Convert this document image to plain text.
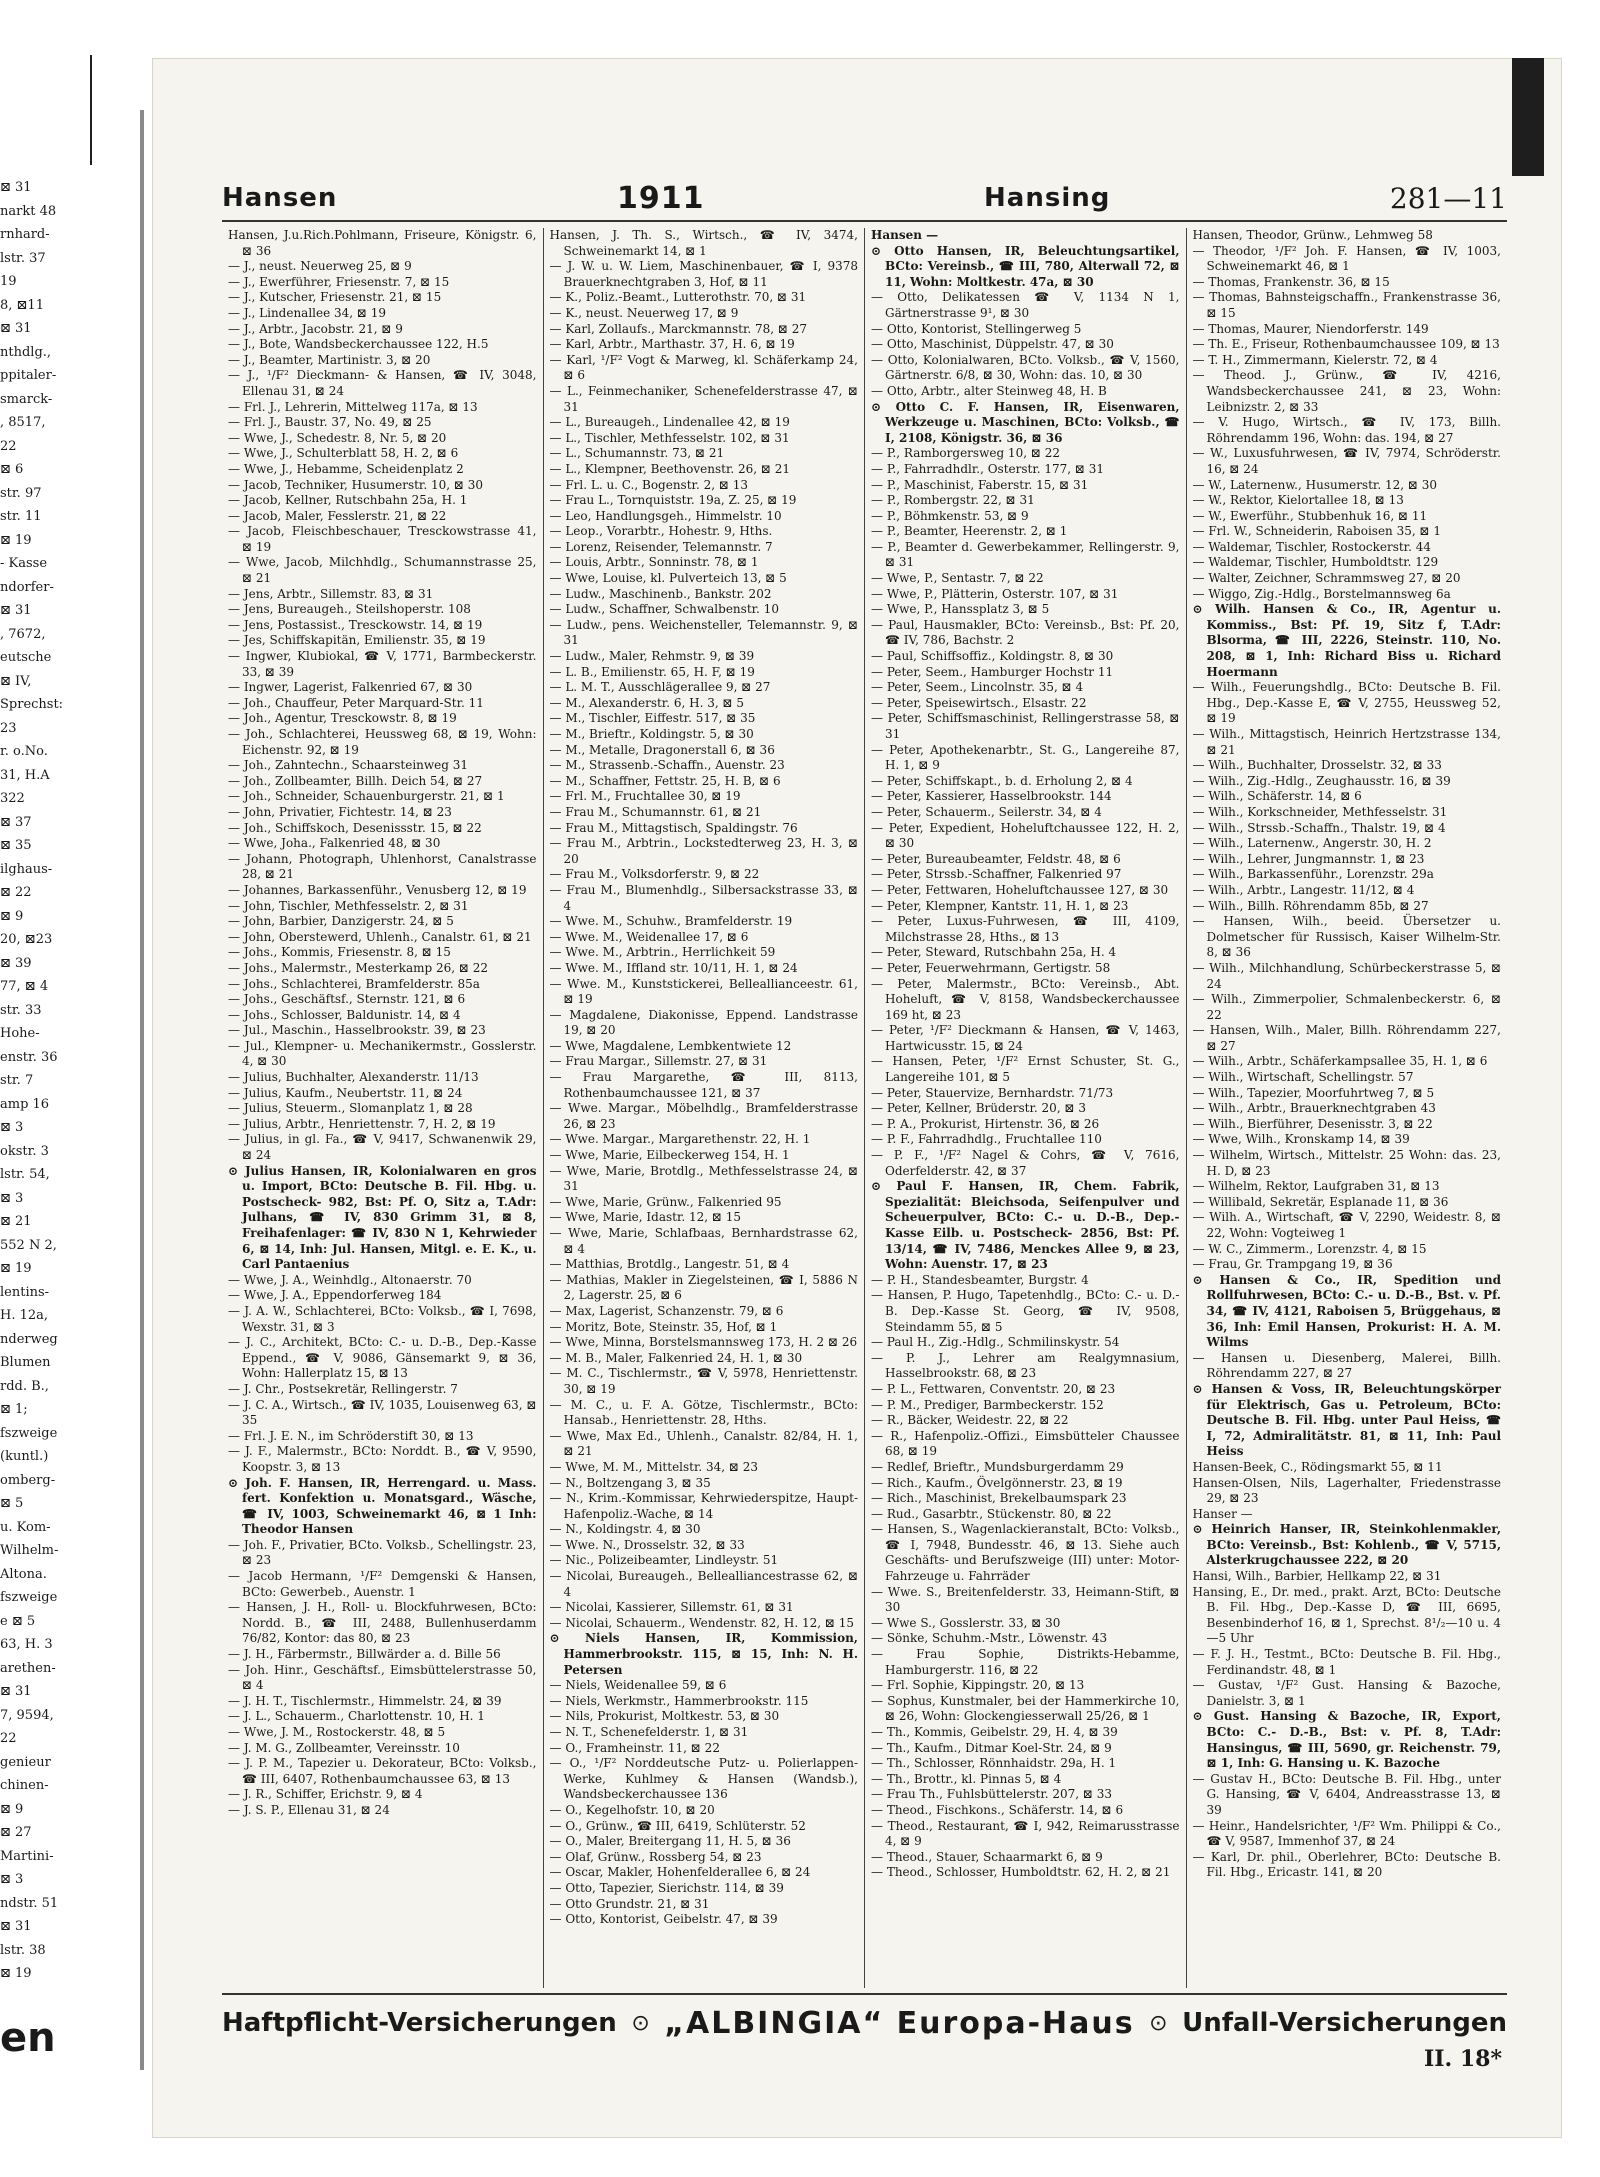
⊠ 31
narkt 48
rnhard-
lstr. 37
19
8, ⊠11
⊠ 31
nthdlg.,
ppitaler-
smarck-
, 8517,
22
⊠ 6
str. 97
str. 11
⊠ 19
- Kasse
ndorfer-
⊠ 31
, 7672,
eutsche
⊠ IV,
Sprechst:
23
r. o.No.
31, H.A
322
⊠ 37
⊠ 35
ilghaus-
⊠ 22
⊠ 9
20, ⊠23
⊠ 39
77, ⊠ 4
str. 33
Hohe-
enstr. 36
str. 7
amp 16
⊠ 3
okstr. 3
lstr. 54,
⊠ 3
⊠ 21
552 N 2,
⊠ 19
lentins-
H. 12a,
nderweg
Blumen
rdd. B.,
⊠ 1;
fszweige
(kuntl.)
omberg-
⊠ 5
u. Kom-
Wilhelm-
Altona.
fszweige
e ⊠ 5
63, H. 3
arethen-
⊠ 31
7, 9594,
22
genieur
chinen-
⊠ 9
⊠ 27
Martini-
⊠ 3
ndstr. 51
⊠ 31
lstr. 38
⊠ 19
en
Hansen	1911	Hansing	281—11

Hansen, J.u.Rich.Pohlmann, Friseure, Königstr. 6, ⊠ 36

— J., neust. Neuerweg 25, ⊠ 9

— J., Ewerführer, Friesenstr. 7, ⊠ 15

— J., Kutscher, Friesenstr. 21, ⊠ 15

— J., Lindenallee 34, ⊠ 19

— J., Arbtr., Jacobstr. 21, ⊠ 9

— J., Bote, Wandsbeckerchaussee 122, H.5

— J., Beamter, Martinistr. 3, ⊠ 20

— J., ¹/F² Dieckmann- & Hansen, ☎ IV, 3048, Ellenau 31, ⊠ 24

— Frl. J., Lehrerin, Mittelweg 117a, ⊠ 13

— Frl. J., Baustr. 37, No. 49, ⊠ 25

— Wwe, J., Schedestr. 8, Nr. 5, ⊠ 20

— Wwe, J., Schulterblatt 58, H. 2, ⊠ 6

— Wwe, J., Hebamme, Scheidenplatz 2

— Jacob, Techniker, Husumerstr. 10, ⊠ 30

— Jacob, Kellner, Rutschbahn 25a, H. 1

— Jacob, Maler, Fesslerstr. 21, ⊠ 22

— Jacob, Fleischbeschauer, Tresckowstrasse 41, ⊠ 19

— Wwe, Jacob, Milchhdlg., Schumannstrasse 25, ⊠ 21

— Jens, Arbtr., Sillemstr. 83, ⊠ 31

— Jens, Bureaugeh., Steilshoperstr. 108

— Jens, Postassist., Tresckowstr. 14, ⊠ 19

— Jes, Schiffskapitän, Emilienstr. 35, ⊠ 19

— Ingwer, Klubiokal, ☎ V, 1771, Barmbeckerstr. 33, ⊠ 39

— Ingwer, Lagerist, Falkenried 67, ⊠ 30

— Joh., Chauffeur, Peter Marquard-Str. 11

— Joh., Agentur, Tresckowstr. 8, ⊠ 19

— Joh., Schlachterei, Heussweg 68, ⊠ 19, Wohn: Eichenstr. 92, ⊠ 19

— Joh., Zahntechn., Schaarsteinweg 31

— Joh., Zollbeamter, Billh. Deich 54, ⊠ 27

— Joh., Schneider, Schauenburgerstr. 21, ⊠ 1

— John, Privatier, Fichtestr. 14, ⊠ 23

— Joh., Schiffskoch, Desenissstr. 15, ⊠ 22

— Wwe, Joha., Falkenried 48, ⊠ 30

— Johann, Photograph, Uhlenhorst, Canalstrasse 28, ⊠ 21

— Johannes, Barkassenführ., Venusberg 12, ⊠ 19

— John, Tischler, Methfesselstr. 2, ⊠ 31

— John, Barbier, Danzigerstr. 24, ⊠ 5

— John, Oberstewerd, Uhlenh., Canalstr. 61, ⊠ 21

— Johs., Kommis, Friesenstr. 8, ⊠ 15

— Johs., Malermstr., Mesterkamp 26, ⊠ 22

— Johs., Schlachterei, Bramfelderstr. 85a

— Johs., Geschäftsf., Sternstr. 121, ⊠ 6

— Johs., Schlosser, Baldunistr. 14, ⊠ 4

— Jul., Maschin., Hasselbrookstr. 39, ⊠ 23

— Jul., Klempner- u. Mechanikermstr., Gosslerstr. 4, ⊠ 30

— Julius, Buchhalter, Alexanderstr. 11/13

— Julius, Kaufm., Neubertstr. 11, ⊠ 24

— Julius, Steuerm., Slomanplatz 1, ⊠ 28

— Julius, Arbtr., Henriettenstr. 7, H. 2, ⊠ 19

— Julius, in gl. Fa., ☎ V, 9417, Schwanenwik 29, ⊠ 24

⊙ Julius Hansen, IR, Kolonialwaren en gros u. Import, BCto: Deutsche B. Fil. Hbg. u. Postscheck- 982, Bst: Pf. O, Sitz a, T.Adr: Julhans, ☎ IV, 830 Grimm 31, ⊠ 8, Freihafenlager: ☎ IV, 830 N 1, Kehrwieder 6, ⊠ 14, Inh: Jul. Hansen, Mitgl. e. E. K., u. Carl Pantaenius

— Wwe, J. A., Weinhdlg., Altonaerstr. 70

— Wwe, J. A., Eppendorferweg 184

— J. A. W., Schlachterei, BCto: Volksb., ☎ I, 7698, Wexstr. 31, ⊠ 3

— J. C., Architekt, BCto: C.- u. D.-B., Dep.-Kasse Eppend., ☎ V, 9086, Gänsemarkt 9, ⊠ 36, Wohn: Hallerplatz 15, ⊠ 13

— J. Chr., Postsekretär, Rellingerstr. 7

— J. C. A., Wirtsch., ☎ IV, 1035, Louisenweg 63, ⊠ 35

— Frl. J. E. N., im Schröderstift 30, ⊠ 13

— J. F., Malermstr., BCto: Norddt. B., ☎ V, 9590, Koopstr. 3, ⊠ 13

⊙ Joh. F. Hansen, IR, Herrengard. u. Mass. fert. Konfektion u. Monatsgard., Wäsche, ☎ IV, 1003, Schweinemarkt 46, ⊠ 1 Inh: Theodor Hansen

— Joh. F., Privatier, BCto. Volksb., Schellingstr. 23, ⊠ 23

— Jacob Hermann, ¹/F² Demgenski & Hansen, BCto: Gewerbeb., Auenstr. 1

— Hansen, J. H., Roll- u. Blockfuhrwesen, BCto: Nordd. B., ☎ III, 2488, Bullenhuserdamm 76/82, Kontor: das 80, ⊠ 23

— J. H., Färbermstr., Billwärder a. d. Bille 56

— Joh. Hinr., Geschäftsf., Eimsbüttelerstrasse 50, ⊠ 4

— J. H. T., Tischlermstr., Himmelstr. 24, ⊠ 39

— J. L., Schauerm., Charlottenstr. 10, H. 1

— Wwe, J. M., Rostockerstr. 48, ⊠ 5

— J. M. G., Zollbeamter, Vereinsstr. 10

— J. P. M., Tapezier u. Dekorateur, BCto: Volksb., ☎ III, 6407, Rothenbaumchaussee 63, ⊠ 13

— J. R., Schiffer, Erichstr. 9, ⊠ 4

— J. S. P., Ellenau 31, ⊠ 24

Hansen, J. Th. S., Wirtsch., ☎ IV, 3474, Schweinemarkt 14, ⊠ 1

— J. W. u. W. Liem, Maschinenbauer, ☎ I, 9378 Brauerknechtgraben 3, Hof, ⊠ 11

— K., Poliz.-Beamt., Lutterothstr. 70, ⊠ 31

— K., neust. Neuerweg 17, ⊠ 9

— Karl, Zollaufs., Marckmannstr. 78, ⊠ 27

— Karl, Arbtr., Marthastr. 37, H. 6, ⊠ 19

— Karl, ¹/F² Vogt & Marweg, kl. Schäferkamp 24, ⊠ 6

— L., Feinmechaniker, Schenefelderstrasse 47, ⊠ 31

— L., Bureaugeh., Lindenallee 42, ⊠ 19

— L., Tischler, Methfesselstr. 102, ⊠ 31

— L., Schumannstr. 73, ⊠ 21

— L., Klempner, Beethovenstr. 26, ⊠ 21

— Frl. L. u. C., Bogenstr. 2, ⊠ 13

— Frau L., Tornquiststr. 19a, Z. 25, ⊠ 19

— Leo, Handlungsgeh., Himmelstr. 10

— Leop., Vorarbtr., Hohestr. 9, Hths.

— Lorenz, Reisender, Telemannstr. 7

— Louis, Arbtr., Sonninstr. 78, ⊠ 1

— Wwe, Louise, kl. Pulverteich 13, ⊠ 5

— Ludw., Maschinenb., Bankstr. 202

— Ludw., Schaffner, Schwalbenstr. 10

— Ludw., pens. Weichensteller, Telemannstr. 9, ⊠ 31

— Ludw., Maler, Rehmstr. 9, ⊠ 39

— L. B., Emilienstr. 65, H. F, ⊠ 19

— L. M. T., Ausschlägerallee 9, ⊠ 27

— M., Alexanderstr. 6, H. 3, ⊠ 5

— M., Tischler, Eiffestr. 517, ⊠ 35

— M., Brieftr., Koldingstr. 5, ⊠ 30

— M., Metalle, Dragonerstall 6, ⊠ 36

— M., Strassenb.-Schaffn., Auenstr. 23

— M., Schaffner, Fettstr. 25, H. B, ⊠ 6

— Frl. M., Fruchtallee 30, ⊠ 19

— Frau M., Schumannstr. 61, ⊠ 21

— Frau M., Mittagstisch, Spaldingstr. 76

— Frau M., Arbtrin., Lockstedterweg 23, H. 3, ⊠ 20

— Frau M., Volksdorferstr. 9, ⊠ 22

— Frau M., Blumenhdlg., Silbersackstrasse 33, ⊠ 4

— Wwe. M., Schuhw., Bramfelderstr. 19

— Wwe. M., Weidenallee 17, ⊠ 6

— Wwe. M., Arbtrin., Herrlichkeit 59

— Wwe. M., Iffland str. 10/11, H. 1, ⊠ 24

— Wwe. M., Kunststickerei, Belleallianceestr. 61, ⊠ 19

— Magdalene, Diakonisse, Eppend. Landstrasse 19, ⊠ 20

— Wwe, Magdalene, Lembkentwiete 12

— Frau Margar., Sillemstr. 27, ⊠ 31

— Frau Margarethe, ☎ III, 8113, Rothenbaumchaussee 121, ⊠ 37

— Wwe. Margar., Möbelhdlg., Bramfelderstrasse 26, ⊠ 23

— Wwe. Margar., Margarethenstr. 22, H. 1

— Wwe, Marie, Eilbeckerweg 154, H. 1

— Wwe, Marie, Brotdlg., Methfesselstrasse 24, ⊠ 31

— Wwe, Marie, Grünw., Falkenried 95

— Wwe, Marie, Idastr. 12, ⊠ 15

— Wwe, Marie, Schlafbaas, Bernhardstrasse 62, ⊠ 4

— Matthias, Brotdlg., Langestr. 51, ⊠ 4

— Mathias, Makler in Ziegelsteinen, ☎ I, 5886 N 2, Lagerstr. 25, ⊠ 6

— Max, Lagerist, Schanzenstr. 79, ⊠ 6

— Moritz, Bote, Steinstr. 35, Hof, ⊠ 1

— Wwe, Minna, Borstelsmannsweg 173, H. 2 ⊠ 26

— M. B., Maler, Falkenried 24, H. 1, ⊠ 30

— M. C., Tischlermstr., ☎ V, 5978, Henriettenstr. 30, ⊠ 19

— M. C., u. F. A. Götze, Tischlermstr., BCto: Hansab., Henriettenstr. 28, Hths.

— Wwe, Max Ed., Uhlenh., Canalstr. 82/84, H. 1, ⊠ 21

— Wwe, M. M., Mittelstr. 34, ⊠ 23

— N., Boltzengang 3, ⊠ 35

— N., Krim.-Kommissar, Kehrwiederspitze, Haupt-Hafenpoliz.-Wache, ⊠ 14

— N., Koldingstr. 4, ⊠ 30

— Wwe. N., Drosselstr. 32, ⊠ 33

— Nic., Polizeibeamter, Lindleystr. 51

— Nicolai, Bureaugeh., Bellealliancestrasse 62, ⊠ 4

— Nicolai, Kassierer, Sillemstr. 61, ⊠ 31

— Nicolai, Schauerm., Wendenstr. 82, H. 12, ⊠ 15

⊙ Niels Hansen, IR, Kommission, Hammerbrookstr. 115, ⊠ 15, Inh: N. H. Petersen

— Niels, Weidenallee 59, ⊠ 6

— Niels, Werkmstr., Hammerbrookstr. 115

— Nils, Prokurist, Moltkestr. 53, ⊠ 30

— N. T., Schenefelderstr. 1, ⊠ 31

— O., Framheinstr. 11, ⊠ 22

— O., ¹/F² Norddeutsche Putz- u. Polierlappen-Werke, Kuhlmey & Hansen (Wandsb.), Wandsbeckerchaussee 136

— O., Kegelhofstr. 10, ⊠ 20

— O., Grünw., ☎ III, 6419, Schlüterstr. 52

— O., Maler, Breitergang 11, H. 5, ⊠ 36

— Olaf, Grünw., Rossberg 54, ⊠ 23

— Oscar, Makler, Hohenfelderallee 6, ⊠ 24

— Otto, Tapezier, Sierichstr. 114, ⊠ 39

— Otto Grundstr. 21, ⊠ 31

— Otto, Kontorist, Geibelstr. 47, ⊠ 39

Hansen —

⊙ Otto Hansen, IR, Beleuchtungsartikel, BCto: Vereinsb., ☎ III, 780, Alterwall 72, ⊠ 11, Wohn: Moltkestr. 47a, ⊠ 30

— Otto, Delikatessen ☎ V, 1134 N 1, Gärtnerstrasse 9¹, ⊠ 30

— Otto, Kontorist, Stellingerweg 5

— Otto, Maschinist, Düppelstr. 47, ⊠ 30

— Otto, Kolonialwaren, BCto. Volksb., ☎ V, 1560, Gärtnerstr. 6/8, ⊠ 30, Wohn: das. 10, ⊠ 30

— Otto, Arbtr., alter Steinweg 48, H. B

⊙ Otto C. F. Hansen, IR, Eisenwaren, Werkzeuge u. Maschinen, BCto: Volksb., ☎ I, 2108, Königstr. 36, ⊠ 36

— P., Ramborgersweg 10, ⊠ 22

— P., Fahrradhdlr., Osterstr. 177, ⊠ 31

— P., Maschinist, Faberstr. 15, ⊠ 31

— P., Rombergstr. 22, ⊠ 31

— P., Böhmkenstr. 53, ⊠ 9

— P., Beamter, Heerenstr. 2, ⊠ 1

— P., Beamter d. Gewerbekammer, Rellingerstr. 9, ⊠ 31

— Wwe, P., Sentastr. 7, ⊠ 22

— Wwe, P., Plätterin, Osterstr. 107, ⊠ 31

— Wwe, P., Hanssplatz 3, ⊠ 5

— Paul, Hausmakler, BCto: Vereinsb., Bst: Pf. 20, ☎ IV, 786, Bachstr. 2

— Paul, Schiffsoffiz., Koldingstr. 8, ⊠ 30

— Peter, Seem., Hamburger Hochstr 11

— Peter, Seem., Lincolnstr. 35, ⊠ 4

— Peter, Speisewirtsch., Elsastr. 22

— Peter, Schiffsmaschinist, Rellingerstrasse 58, ⊠ 31

— Peter, Apothekenarbtr., St. G., Langereihe 87, H. 1, ⊠ 9

— Peter, Schiffskapt., b. d. Erholung 2, ⊠ 4

— Peter, Kassierer, Hasselbrookstr. 144

— Peter, Schauerm., Seilerstr. 34, ⊠ 4

— Peter, Expedient, Hoheluftchaussee 122, H. 2, ⊠ 30

— Peter, Bureaubeamter, Feldstr. 48, ⊠ 6

— Peter, Strssb.-Schaffner, Falkenried 97

— Peter, Fettwaren, Hoheluftchaussee 127, ⊠ 30

— Peter, Klempner, Kantstr. 11, H. 1, ⊠ 23

— Peter, Luxus-Fuhrwesen, ☎ III, 4109, Milchstrasse 28, Hths., ⊠ 13

— Peter, Steward, Rutschbahn 25a, H. 4

— Peter, Feuerwehrmann, Gertigstr. 58

— Peter, Malermstr., BCto: Vereinsb., Abt. Hoheluft, ☎ V, 8158, Wandsbeckerchaussee 169 ht, ⊠ 23

— Peter, ¹/F² Dieckmann & Hansen, ☎ V, 1463, Hartwicusstr. 15, ⊠ 24

— Hansen, Peter, ¹/F² Ernst Schuster, St. G., Langereihe 101, ⊠ 5

— Peter, Stauervize, Bernhardstr. 71/73

— Peter, Kellner, Brüderstr. 20, ⊠ 3

— P. A., Prokurist, Hirtenstr. 36, ⊠ 26

— P. F., Fahrradhdlg., Fruchtallee 110

— P. F., ¹/F² Nagel & Cohrs, ☎ V, 7616, Oderfelderstr. 42, ⊠ 37

⊙ Paul F. Hansen, IR, Chem. Fabrik, Spezialität: Bleichsoda, Seifenpulver und Scheuerpulver, BCto: C.- u. D.-B., Dep.-Kasse Eilb. u. Postscheck- 2856, Bst: Pf. 13/14, ☎ IV, 7486, Menckes Allee 9, ⊠ 23, Wohn: Auenstr. 17, ⊠ 23

— P. H., Standesbeamter, Burgstr. 4

— Hansen, P. Hugo, Tapetenhdlg., BCto: C.- u. D.-B. Dep.-Kasse St. Georg, ☎ IV, 9508, Steindamm 55, ⊠ 5

— Paul H., Zig.-Hdlg., Schmilinskystr. 54

— P. J., Lehrer am Realgymnasium, Hasselbrookstr. 68, ⊠ 23

— P. L., Fettwaren, Conventstr. 20, ⊠ 23

— P. M., Prediger, Barmbeckerstr. 152

— R., Bäcker, Weidestr. 22, ⊠ 22

— R., Hafenpoliz.-Offizi., Eimsbütteler Chaussee 68, ⊠ 19

— Redlef, Brieftr., Mundsburgerdamm 29

— Rich., Kaufm., Övelgönnerstr. 23, ⊠ 19

— Rich., Maschinist, Brekelbaumspark 23

— Rud., Gasarbtr., Stückenstr. 80, ⊠ 22

— Hansen, S., Wagenlackieranstalt, BCto: Volksb., ☎ I, 7948, Bundesstr. 46, ⊠ 13. Siehe auch Geschäfts- und Berufszweige (III) unter: Motor-Fahrzeuge u. Fahrräder

— Wwe. S., Breitenfelderstr. 33, Heimann-Stift, ⊠ 30

— Wwe S., Gosslerstr. 33, ⊠ 30

— Sönke, Schuhm.-Mstr., Löwenstr. 43

— Frau Sophie, Distrikts-Hebamme, Hamburgerstr. 116, ⊠ 22

— Frl. Sophie, Kippingstr. 20, ⊠ 13

— Sophus, Kunstmaler, bei der Hammerkirche 10, ⊠ 26, Wohn: Glockengiesserwall 25/26, ⊠ 1

— Th., Kommis, Geibelstr. 29, H. 4, ⊠ 39

— Th., Kaufm., Ditmar Koel-Str. 24, ⊠ 9

— Th., Schlosser, Rönnhaidstr. 29a, H. 1

— Th., Brottr., kl. Pinnas 5, ⊠ 4

— Frau Th., Fuhlsbüttelerstr. 207, ⊠ 33

— Theod., Fischkons., Schäferstr. 14, ⊠ 6

— Theod., Restaurant, ☎ I, 942, Reimarusstrasse 4, ⊠ 9

— Theod., Stauer, Schaarmarkt 6, ⊠ 9

— Theod., Schlosser, Humboldtstr. 62, H. 2, ⊠ 21

Hansen, Theodor, Grünw., Lehmweg 58

— Theodor, ¹/F² Joh. F. Hansen, ☎ IV, 1003, Schweinemarkt 46, ⊠ 1

— Thomas, Frankenstr. 36, ⊠ 15

— Thomas, Bahnsteigschaffn., Frankenstrasse 36, ⊠ 15

— Thomas, Maurer, Niendorferstr. 149

— Th. E., Friseur, Rothenbaumchaussee 109, ⊠ 13

— T. H., Zimmermann, Kielerstr. 72, ⊠ 4

— Theod. J., Grünw., ☎ IV, 4216, Wandsbeckerchaussee 241, ⊠ 23, Wohn: Leibnizstr. 2, ⊠ 33

— V. Hugo, Wirtsch., ☎ IV, 173, Billh. Röhrendamm 196, Wohn: das. 194, ⊠ 27

— W., Luxusfuhrwesen, ☎ IV, 7974, Schröderstr. 16, ⊠ 24

— W., Laternenw., Husumerstr. 12, ⊠ 30

— W., Rektor, Kielortallee 18, ⊠ 13

— W., Ewerführ., Stubbenhuk 16, ⊠ 11

— Frl. W., Schneiderin, Raboisen 35, ⊠ 1

— Waldemar, Tischler, Rostockerstr. 44

— Waldemar, Tischler, Humboldtstr. 129

— Walter, Zeichner, Schrammsweg 27, ⊠ 20

— Wiggo, Zig.-Hdlg., Borstelmannsweg 6a

⊙ Wilh. Hansen & Co., IR, Agentur u. Kommiss., Bst: Pf. 19, Sitz f, T.Adr: Blsorma, ☎ III, 2226, Steinstr. 110, No. 208, ⊠ 1, Inh: Richard Biss u. Richard Hoermann

— Wilh., Feuerungshdlg., BCto: Deutsche B. Fil. Hbg., Dep.-Kasse E, ☎ V, 2755, Heussweg 52, ⊠ 19

— Wilh., Mittagstisch, Heinrich Hertzstrasse 134, ⊠ 21

— Wilh., Buchhalter, Drosselstr. 32, ⊠ 33

— Wilh., Zig.-Hdlg., Zeughausstr. 16, ⊠ 39

— Wilh., Schäferstr. 14, ⊠ 6

— Wilh., Korkschneider, Methfesselstr. 31

— Wilh., Strssb.-Schaffn., Thalstr. 19, ⊠ 4

— Wilh., Laternenw., Angerstr. 30, H. 2

— Wilh., Lehrer, Jungmannstr. 1, ⊠ 23

— Wilh., Barkassenführ., Lorenzstr. 29a

— Wilh., Arbtr., Langestr. 11/12, ⊠ 4

— Wilh., Billh. Röhrendamm 85b, ⊠ 27

— Hansen, Wilh., beeid. Übersetzer u. Dolmetscher für Russisch, Kaiser Wilhelm-Str. 8, ⊠ 36

— Wilh., Milchhandlung, Schürbeckerstrasse 5, ⊠ 24

— Wilh., Zimmerpolier, Schmalenbeckerstr. 6, ⊠ 22

— Hansen, Wilh., Maler, Billh. Röhrendamm 227, ⊠ 27

— Wilh., Arbtr., Schäferkampsallee 35, H. 1, ⊠ 6

— Wilh., Wirtschaft, Schellingstr. 57

— Wilh., Tapezier, Moorfuhrtweg 7, ⊠ 5

— Wilh., Arbtr., Brauerknechtgraben 43

— Wilh., Bierführer, Desenisstr. 3, ⊠ 22

— Wwe, Wilh., Kronskamp 14, ⊠ 39

— Wilhelm, Wirtsch., Mittelstr. 25 Wohn: das. 23, H. D, ⊠ 23

— Wilhelm, Rektor, Laufgraben 31, ⊠ 13

— Willibald, Sekretär, Esplanade 11, ⊠ 36

— Wilh. A., Wirtschaft, ☎ V, 2290, Weidestr. 8, ⊠ 22, Wohn: Vogteiweg 1

— W. C., Zimmerm., Lorenzstr. 4, ⊠ 15

— Frau, Gr. Trampgang 19, ⊠ 36

⊙ Hansen & Co., IR, Spedition und Rollfuhrwesen, BCto: C.- u. D.-B., Bst. v. Pf. 34, ☎ IV, 4121, Raboisen 5, Brüggehaus, ⊠ 36, Inh: Emil Hansen, Prokurist: H. A. M. Wilms

— Hansen u. Diesenberg, Malerei, Billh. Röhrendamm 227, ⊠ 27

⊙ Hansen & Voss, IR, Beleuchtungskörper für Elektrisch, Gas u. Petroleum, BCto: Deutsche B. Fil. Hbg. unter Paul Heiss, ☎ I, 72, Admiralitätstr. 81, ⊠ 11, Inh: Paul Heiss

Hansen-Beek, C., Rödingsmarkt 55, ⊠ 11

Hansen-Olsen, Nils, Lagerhalter, Friedenstrasse 29, ⊠ 23

Hanser —

⊙ Heinrich Hanser, IR, Steinkohlenmakler, BCto: Vereinsb., Bst: Kohlenb., ☎ V, 5715, Alsterkrugchaussee 222, ⊠ 20

Hansi, Wilh., Barbier, Hellkamp 22, ⊠ 31

Hansing, E., Dr. med., prakt. Arzt, BCto: Deutsche B. Fil. Hbg., Dep.-Kasse D, ☎ III, 6695, Besenbinderhof 16, ⊠ 1, Sprechst. 8¹/₂—10 u. 4—5 Uhr

— F. J. H., Testmt., BCto: Deutsche B. Fil. Hbg., Ferdinandstr. 48, ⊠ 1

— Gustav, ¹/F² Gust. Hansing & Bazoche, Danielstr. 3, ⊠ 1

⊙ Gust. Hansing & Bazoche, IR, Export, BCto: C.- D.-B., Bst: v. Pf. 8, T.Adr: Hansingus, ☎ III, 5690, gr. Reichenstr. 79, ⊠ 1, Inh: G. Hansing u. K. Bazoche

— Gustav H., BCto: Deutsche B. Fil. Hbg., unter G. Hansing, ☎ V, 6404, Andreasstrasse 13, ⊠ 39

— Heinr., Handelsrichter, ¹/F² Wm. Philippi & Co., ☎ V, 9587, Immenhof 37, ⊠ 24

— Karl, Dr. phil., Oberlehrer, BCto: Deutsche B. Fil. Hbg., Ericastr. 141, ⊠ 20

Haftpflicht-Versicherungen ⊙ „ALBINGIA“ Europa-Haus ⊙ Unfall-Versicherungen
II. 18*
